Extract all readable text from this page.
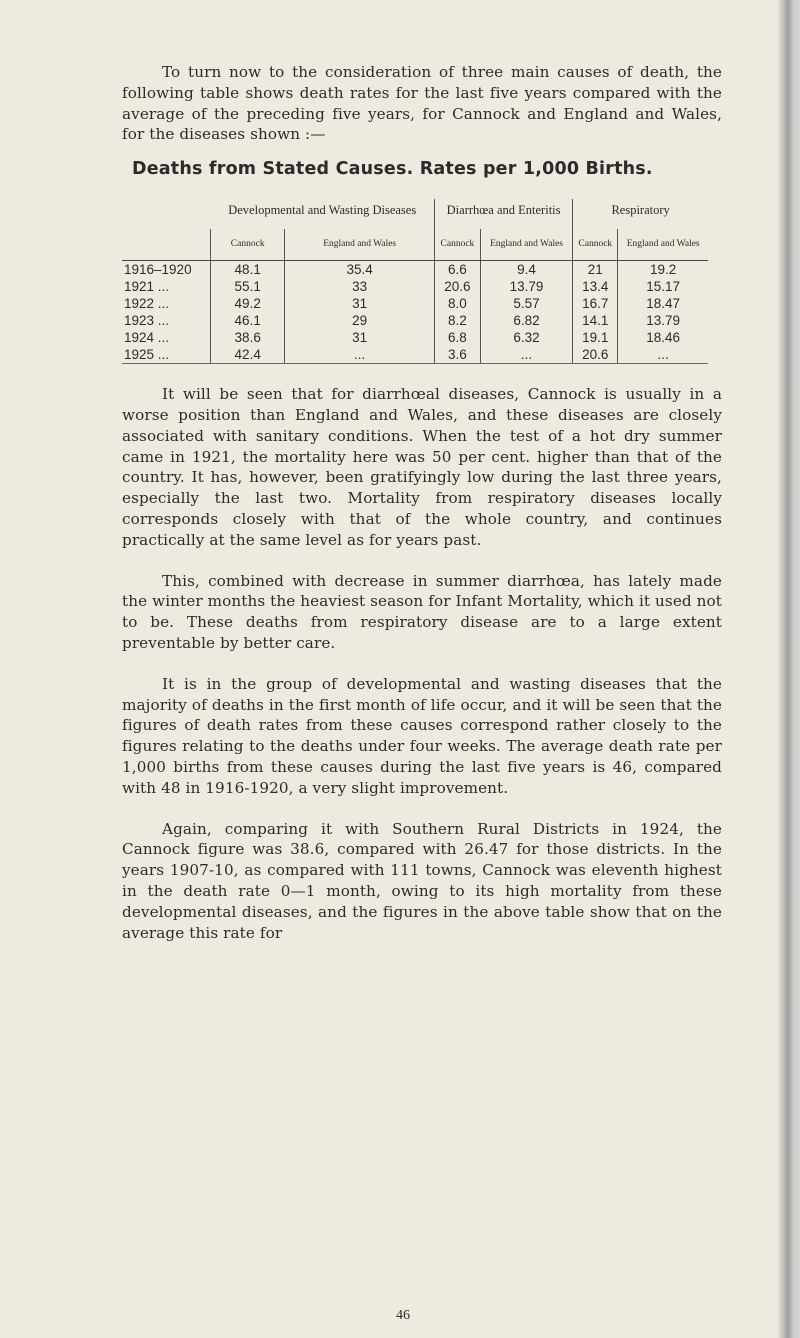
To turn now to the consideration of three main causes of death, the following table shows death rates for the last five years compared with the average of the preceding five years, for Cannock and England and Wales, for the diseases shown :—

Deaths from Stated Causes. Rates per 1,000 Births.
	Developmental and Wasting Diseases		Diarrhœa and Enteritis		Respiratory	
	Cannock	England and Wales	Cannock	England and Wales	Cannock	England and Wales
1916–1920	48.1	35.4	6.6	9.4	21	19.2
1921 ...	55.1	33	20.6	13.79	13.4	15.17
1922 ...	49.2	31	8.0	5.57	16.7	18.47
1923 ...	46.1	29	8.2	6.82	14.1	13.79
1924 ...	38.6	31	6.8	6.32	19.1	18.46
1925 ...	42.4	...	3.6	...	20.6	...

It will be seen that for diarrhœal diseases, Cannock is usually in a worse position than England and Wales, and these diseases are closely associated with sanitary conditions. When the test of a hot dry summer came in 1921, the mortality here was 50 per cent. higher than that of the country. It has, however, been gratifyingly low during the last three years, especially the last two. Mortality from respiratory diseases locally corresponds closely with that of the whole country, and continues practically at the same level as for years past.

This, combined with decrease in summer diarrhœa, has lately made the winter months the heaviest season for Infant Mortality, which it used not to be. These deaths from respiratory disease are to a large extent preventable by better care.

It is in the group of developmental and wasting diseases that the majority of deaths in the first month of life occur, and it will be seen that the figures of death rates from these causes correspond rather closely to the figures relating to the deaths under four weeks. The average death rate per 1,000 births from these causes during the last five years is 46, compared with 48 in 1916-1920, a very slight improvement.

Again, comparing it with Southern Rural Districts in 1924, the Cannock figure was 38.6, compared with 26.47 for those districts. In the years 1907-10, as compared with 111 towns, Cannock was eleventh highest in the death rate 0—1 month, owing to its high mortality from these developmental diseases, and the figures in the above table show that on the average this rate for

46
